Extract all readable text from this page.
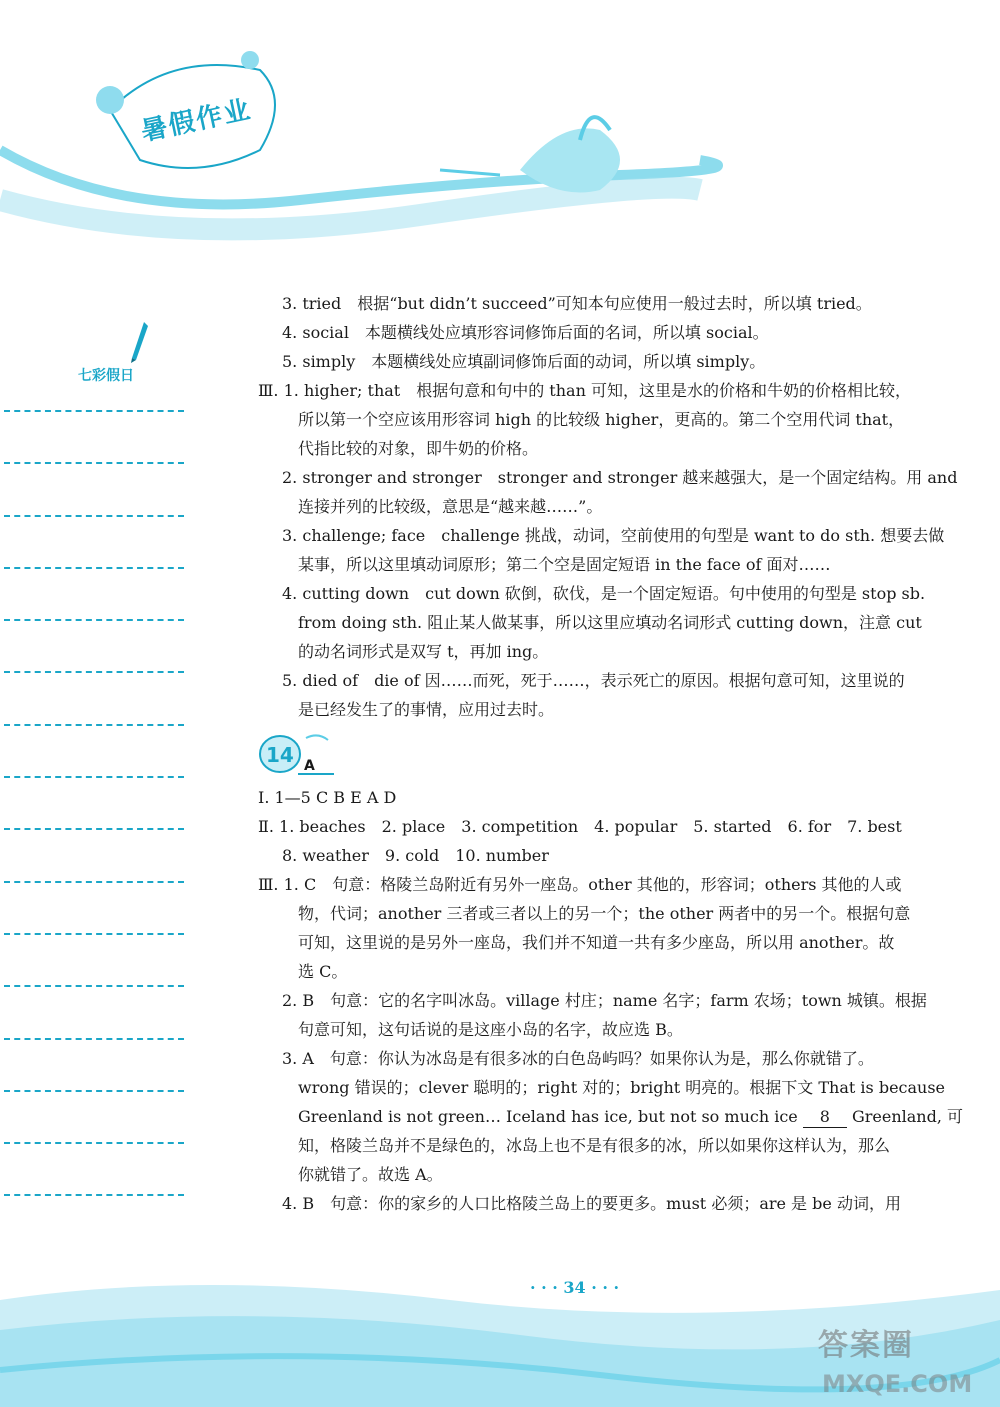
暑假作业
七彩假日
3. tried　根据“but didn’t succeed”可知本句应使用一般过去时，所以填 tried。
4. social　本题横线处应填形容词修饰后面的名词，所以填 social。
5. simply　本题横线处应填副词修饰后面的动词，所以填 simply。
Ⅲ. 1. higher; that　根据句意和句中的 than 可知，这里是水的价格和牛奶的价格相比较，
所以第一个空应该用形容词 high 的比较级 higher，更高的。第二个空用代词 that，
代指比较的对象，即牛奶的价格。
2. stronger and stronger　stronger and stronger 越来越强大，是一个固定结构。用 and
连接并列的比较级，意思是“越来越……”。
3. challenge; face　challenge 挑战，动词，空前使用的句型是 want to do sth. 想要去做
某事，所以这里填动词原形；第二个空是固定短语 in the face of 面对……
4. cutting down　cut down 砍倒，砍伐，是一个固定短语。句中使用的句型是 stop sb.
from doing sth. 阻止某人做某事，所以这里应填动名词形式 cutting down，注意 cut
的动名词形式是双写 t，再加 ing。
5. died of　die of 因……而死，死于……，表示死亡的原因。根据句意可知，这里说的
是已经发生了的事情，应用过去时。
14 A
Ⅰ. 1—5 C B E A D
Ⅱ. 1. beaches　2. place　3. competition　4. popular　5. started　6. for　7. best
8. weather　9. cold　10. number
Ⅲ. 1. C　句意：格陵兰岛附近有另外一座岛。other 其他的，形容词；others 其他的人或
物，代词；another 三者或三者以上的另一个；the other 两者中的另一个。根据句意
可知，这里说的是另外一座岛，我们并不知道一共有多少座岛，所以用 another。故
选 C。
2. B　句意：它的名字叫冰岛。village 村庄；name 名字；farm 农场；town 城镇。根据
句意可知，这句话说的是这座小岛的名字，故应选 B。
3. A　句意：你认为冰岛是有很多冰的白色岛屿吗？如果你认为是，那么你就错了。
wrong 错误的；clever 聪明的；right 对的；bright 明亮的。根据下文 That is because
Greenland is not green… Iceland has ice, but not so much ice 8 Greenland, 可
知，格陵兰岛并不是绿色的，冰岛上也不是有很多的冰，所以如果你这样认为，那么
你就错了。故选 A。
4. B　句意：你的家乡的人口比格陵兰岛上的要更多。must 必须；are 是 be 动词，用
· · · 34 · · ·
答案圈
MXQE.COM
